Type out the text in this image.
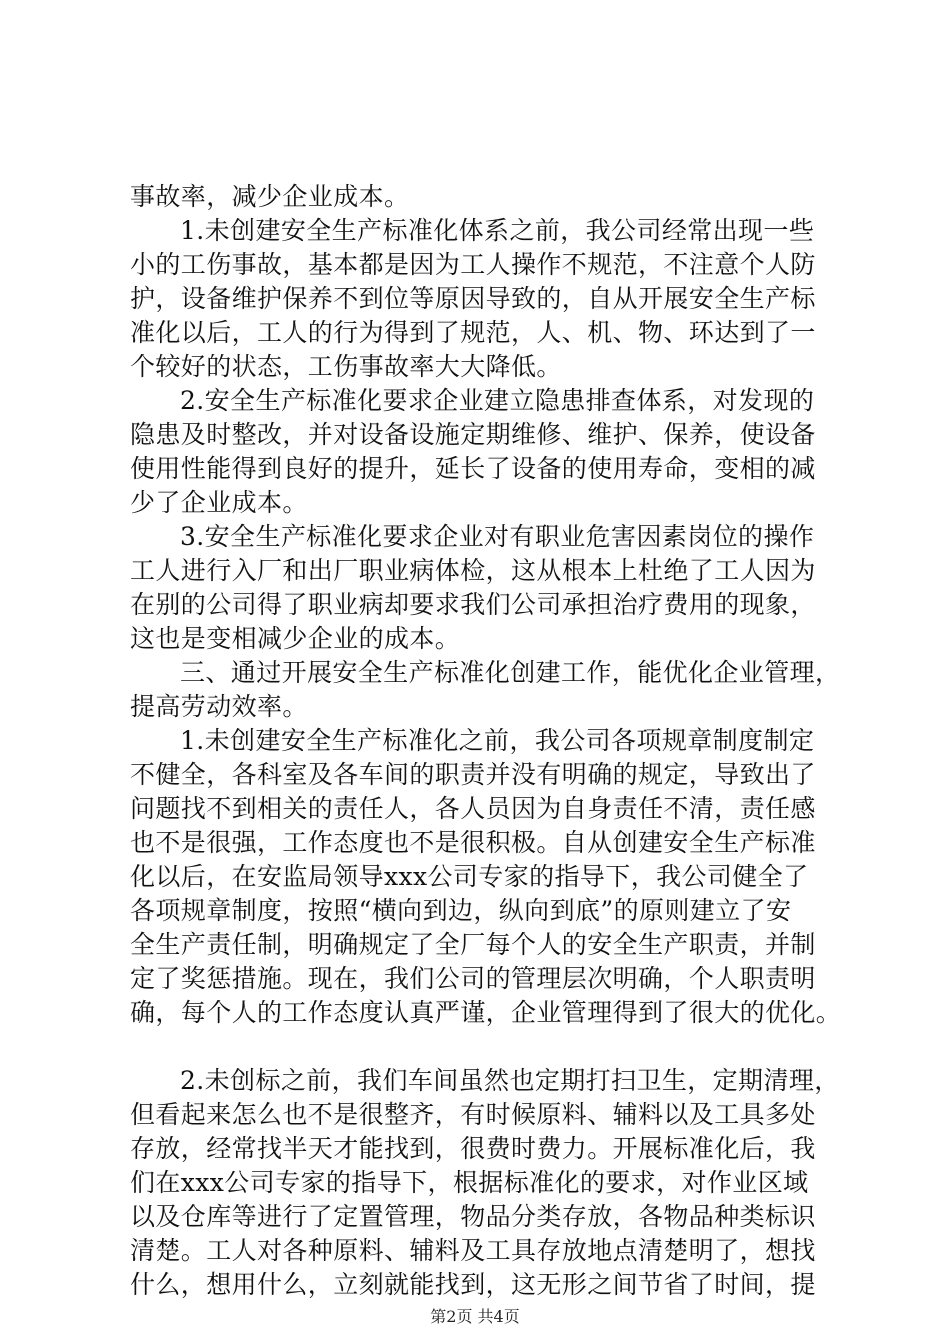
事故率，减少企业成本。
1.未创建安全生产标准化体系之前，我公司经常出现一些
小的工伤事故，基本都是因为工人操作不规范，不注意个人防
护，设备维护保养不到位等原因导致的，自从开展安全生产标
准化以后，工人的行为得到了规范，人、机、物、环达到了一
个较好的状态，工伤事故率大大降低。
2.安全生产标准化要求企业建立隐患排查体系，对发现的
隐患及时整改，并对设备设施定期维修、维护、保养，使设备
使用性能得到良好的提升，延长了设备的使用寿命，变相的减
少了企业成本。
3.安全生产标准化要求企业对有职业危害因素岗位的操作
工人进行入厂和出厂职业病体检，这从根本上杜绝了工人因为
在别的公司得了职业病却要求我们公司承担治疗费用的现象，
这也是变相减少企业的成本。
三、通过开展安全生产标准化创建工作，能优化企业管理，
提高劳动效率。
1.未创建安全生产标准化之前，我公司各项规章制度制定
不健全，各科室及各车间的职责并没有明确的规定，导致出了
问题找不到相关的责任人，各人员因为自身责任不清，责任感
也不是很强，工作态度也不是很积极。自从创建安全生产标准
化以后，在安监局领导xxx公司专家的指导下，我公司健全了
各项规章制度，按照“横向到边，纵向到底”的原则建立了安
全生产责任制，明确规定了全厂每个人的安全生产职责，并制
定了奖惩措施。现在，我们公司的管理层次明确，个人职责明
确，每个人的工作态度认真严谨，企业管理得到了很大的优化。
2.未创标之前，我们车间虽然也定期打扫卫生，定期清理，
但看起来怎么也不是很整齐，有时候原料、辅料以及工具多处
存放，经常找半天才能找到，很费时费力。开展标准化后，我
们在xxx公司专家的指导下，根据标准化的要求，对作业区域
以及仓库等进行了定置管理，物品分类存放，各物品种类标识
清楚。工人对各种原料、辅料及工具存放地点清楚明了，想找
什么，想用什么，立刻就能找到，这无形之间节省了时间，提
第2页 共4页
